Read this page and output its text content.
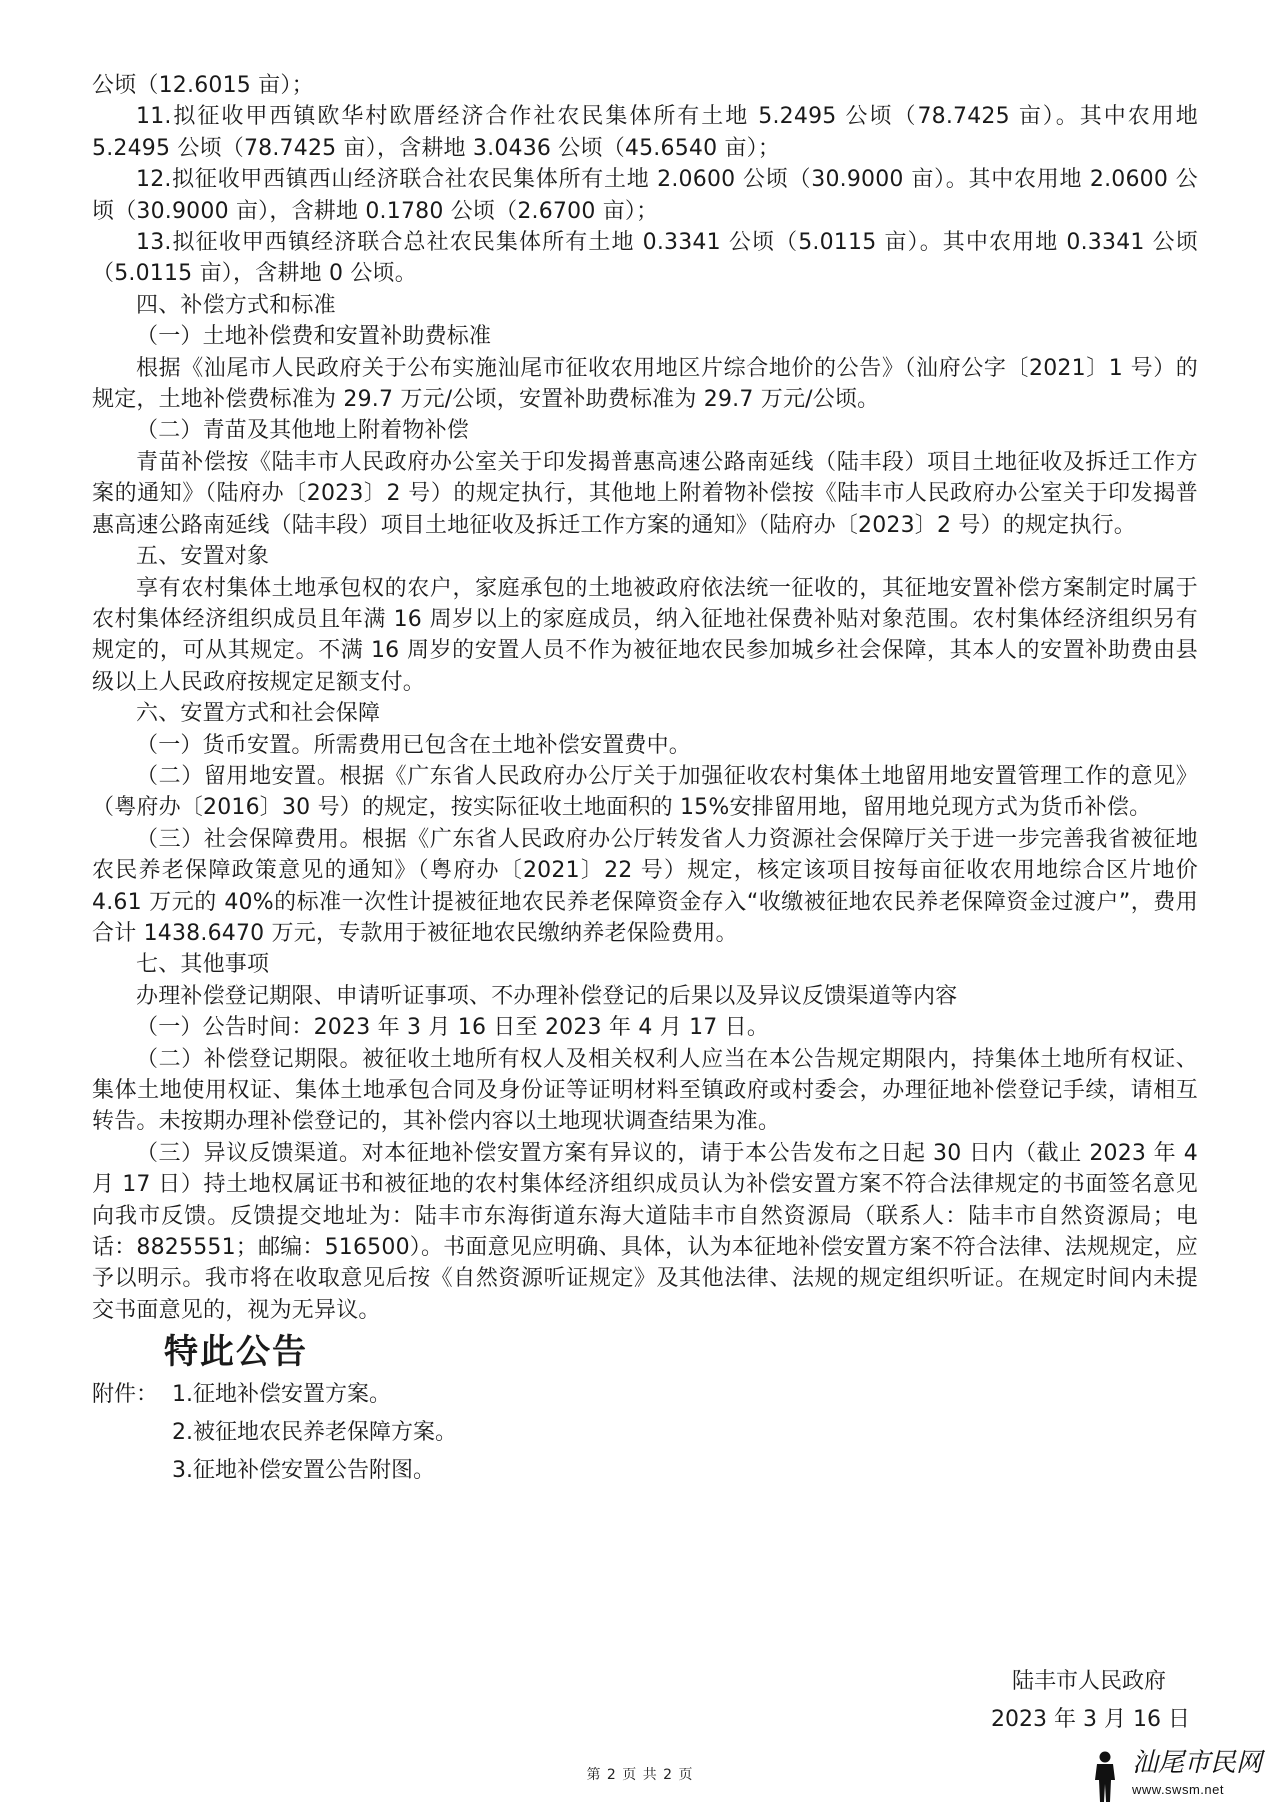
公顷（12.6015 亩）；

11.拟征收甲西镇欧华村欧厝经济合作社农民集体所有土地 5.2495 公顷（78.7425 亩）。其中农用地 5.2495 公顷（78.7425 亩），含耕地 3.0436 公顷（45.6540 亩）；

12.拟征收甲西镇西山经济联合社农民集体所有土地 2.0600 公顷（30.9000 亩）。其中农用地 2.0600 公顷（30.9000 亩），含耕地 0.1780 公顷（2.6700 亩）；

13.拟征收甲西镇经济联合总社农民集体所有土地 0.3341 公顷（5.0115 亩）。其中农用地 0.3341 公顷（5.0115 亩），含耕地 0 公顷。

四、补偿方式和标准

（一）土地补偿费和安置补助费标准

根据《汕尾市人民政府关于公布实施汕尾市征收农用地区片综合地价的公告》（汕府公字〔2021〕1 号）的规定，土地补偿费标准为 29.7 万元/公顷，安置补助费标准为 29.7 万元/公顷。

（二）青苗及其他地上附着物补偿

青苗补偿按《陆丰市人民政府办公室关于印发揭普惠高速公路南延线（陆丰段）项目土地征收及拆迁工作方案的通知》（陆府办〔2023〕2 号）的规定执行，其他地上附着物补偿按《陆丰市人民政府办公室关于印发揭普惠高速公路南延线（陆丰段）项目土地征收及拆迁工作方案的通知》（陆府办〔2023〕2 号）的规定执行。

五、安置对象

享有农村集体土地承包权的农户，家庭承包的土地被政府依法统一征收的，其征地安置补偿方案制定时属于农村集体经济组织成员且年满 16 周岁以上的家庭成员，纳入征地社保费补贴对象范围。农村集体经济组织另有规定的，可从其规定。不满 16 周岁的安置人员不作为被征地农民参加城乡社会保障，其本人的安置补助费由县级以上人民政府按规定足额支付。

六、安置方式和社会保障

（一）货币安置。所需费用已包含在土地补偿安置费中。

（二）留用地安置。根据《广东省人民政府办公厅关于加强征收农村集体土地留用地安置管理工作的意见》（粤府办〔2016〕30 号）的规定，按实际征收土地面积的 15%安排留用地，留用地兑现方式为货币补偿。

（三）社会保障费用。根据《广东省人民政府办公厅转发省人力资源社会保障厅关于进一步完善我省被征地农民养老保障政策意见的通知》（粤府办〔2021〕22 号）规定，核定该项目按每亩征收农用地综合区片地价 4.61 万元的 40%的标准一次性计提被征地农民养老保障资金存入“收缴被征地农民养老保障资金过渡户”，费用合计 1438.6470 万元，专款用于被征地农民缴纳养老保险费用。

七、其他事项

办理补偿登记期限、申请听证事项、不办理补偿登记的后果以及异议反馈渠道等内容

（一）公告时间：2023 年 3 月 16 日至 2023 年 4 月 17 日。

（二）补偿登记期限。被征收土地所有权人及相关权利人应当在本公告规定期限内，持集体土地所有权证、集体土地使用权证、集体土地承包合同及身份证等证明材料至镇政府或村委会，办理征地补偿登记手续，请相互转告。未按期办理补偿登记的，其补偿内容以土地现状调查结果为准。

（三）异议反馈渠道。对本征地补偿安置方案有异议的，请于本公告发布之日起 30 日内（截止 2023 年 4 月 17 日）持土地权属证书和被征地的农村集体经济组织成员认为补偿安置方案不符合法律规定的书面签名意见向我市反馈。反馈提交地址为：陆丰市东海街道东海大道陆丰市自然资源局（联系人：陆丰市自然资源局；电话：8825551；邮编：516500）。书面意见应明确、具体，认为本征地补偿安置方案不符合法律、法规规定，应予以明示。我市将在收取意见后按《自然资源听证规定》及其他法律、法规的规定组织听证。在规定时间内未提交书面意见的，视为无异议。

特此公告
附件： 1.征地补偿安置方案。
2.被征地农民养老保障方案。
3.征地补偿安置公告附图。
陆丰市人民政府
2023 年 3 月 16 日
第 2 页 共 2 页	汕尾市民网
www.swsm.net
